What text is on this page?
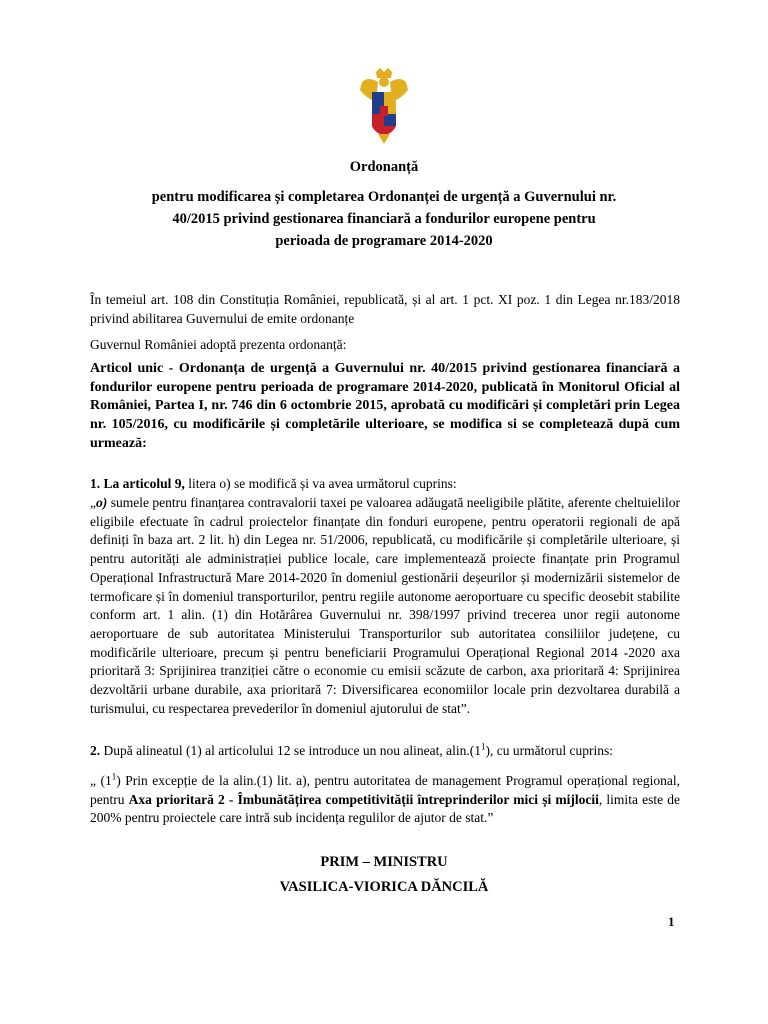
Ordonanță
pentru modificarea și completarea Ordonanței de urgență a Guvernului nr. 40/2015 privind gestionarea financiară a fondurilor europene pentru perioada de programare 2014-2020

În temeiul art. 108 din Constituția României, republicată, și al art. 1 pct. XI poz. 1 din Legea nr.183/2018 privind abilitarea Guvernului de emite ordonanțe

Guvernul României adoptă prezenta ordonanță:

Articol unic - Ordonanța de urgență a Guvernului nr. 40/2015 privind gestionarea financiară a fondurilor europene pentru perioada de programare 2014-2020, publicată în Monitorul Oficial al României, Partea I, nr. 746 din 6 octombrie 2015, aprobată cu modificări și completări prin Legea nr. 105/2016, cu modificările și completările ulterioare, se modifica si se completează după cum urmează:

1. La articolul 9, litera o) se modifică și va avea următorul cuprins:

„o) sumele pentru finanțarea contravalorii taxei pe valoarea adăugată neeligibile plătite, aferente cheltuielilor eligibile efectuate în cadrul proiectelor finanțate din fonduri europene, pentru operatorii regionali de apă definiți în baza art. 2 lit. h) din Legea nr. 51/2006, republicată, cu modificările și completările ulterioare, și pentru autorități ale administrației publice locale, care implementează proiecte finanțate prin Programul Operațional Infrastructură Mare 2014-2020 în domeniul gestionării deșeurilor și modernizării sistemelor de termoficare și în domeniul transporturilor, pentru regiile autonome aeroportuare cu specific deosebit stabilite conform art. 1 alin. (1) din Hotărârea Guvernului nr. 398/1997 privind trecerea unor regii autonome aeroportuare de sub autoritatea Ministerului Transporturilor sub autoritatea consiliilor județene, cu modificările ulterioare, precum și pentru beneficiarii Programului Operațional Regional 2014 -2020 axa prioritară 3: Sprijinirea tranziției către o economie cu emisii scăzute de carbon, axa prioritară 4: Sprijinirea dezvoltării urbane durabile, axa prioritară 7: Diversificarea economiilor locale prin dezvoltarea durabilă a turismului, cu respectarea prevederilor în domeniul ajutorului de stat”.

2. După alineatul (1) al articolului 12 se introduce un nou alineat, $alin.(1^1)$, cu următorul cuprins:

„ $(1^1)$ Prin excepție de la alin.(1) lit. a), pentru autoritatea de management Programul operațional regional, pentru Axa prioritară 2 - Îmbunătățirea competitivității întreprinderilor mici și mijlocii, limita este de 200% pentru proiectele care intră sub incidența regulilor de ajutor de stat.”

PRIM – MINISTRU
VASILICA-VIORICA DĂNCILĂ
1
